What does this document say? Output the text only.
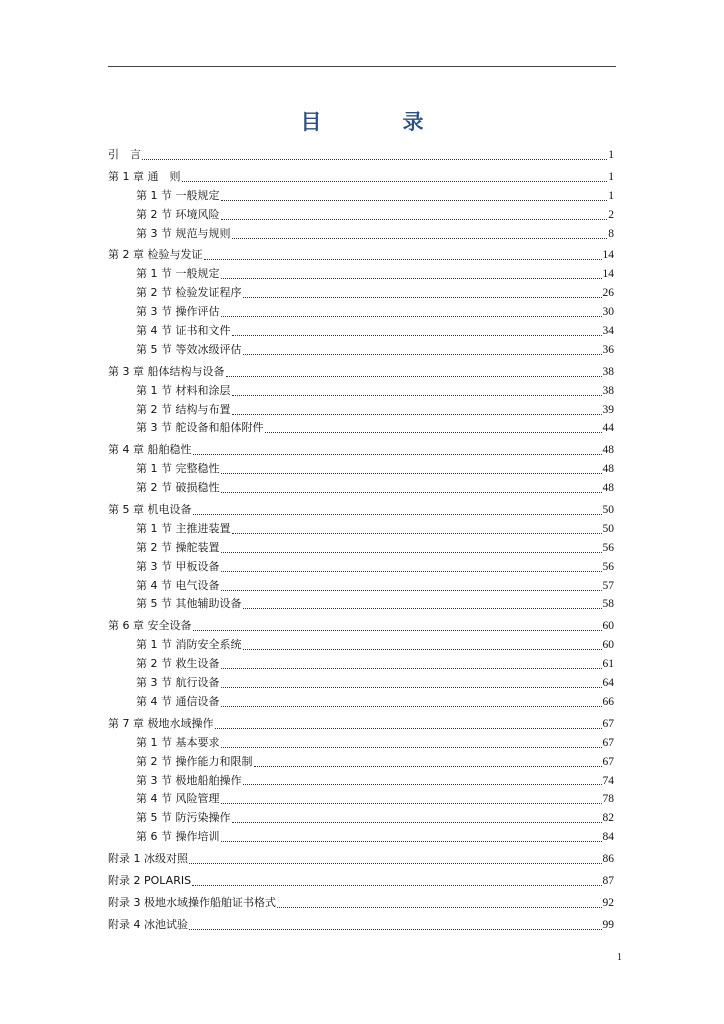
目　录
引　言	1
第 1 章 通　则	1
第 1 节 一般规定	1
第 2 节 环境风险	2
第 3 节 规范与规则	8
第 2 章 检验与发证	14
第 1 节 一般规定	14
第 2 节 检验发证程序	26
第 3 节 操作评估	30
第 4 节 证书和文件	34
第 5 节 等效冰级评估	36
第 3 章 船体结构与设备	38
第 1 节 材料和涂层	38
第 2 节 结构与布置	39
第 3 节 舵设备和船体附件	44
第 4 章 船舶稳性	48
第 1 节 完整稳性	48
第 2 节 破损稳性	48
第 5 章 机电设备	50
第 1 节 主推进装置	50
第 2 节 操舵装置	56
第 3 节 甲板设备	56
第 4 节 电气设备	57
第 5 节 其他辅助设备	58
第 6 章 安全设备	60
第 1 节 消防安全系统	60
第 2 节 救生设备	61
第 3 节 航行设备	64
第 4 节 通信设备	66
第 7 章 极地水域操作	67
第 1 节 基本要求	67
第 2 节 操作能力和限制	67
第 3 节 极地船舶操作	74
第 4 节 风险管理	78
第 5 节 防污染操作	82
第 6 节 操作培训	84
附录 1 冰级对照	86
附录 2 POLARIS	87
附录 3 极地水域操作船舶证书格式	92
附录 4 冰池试验	99
1
